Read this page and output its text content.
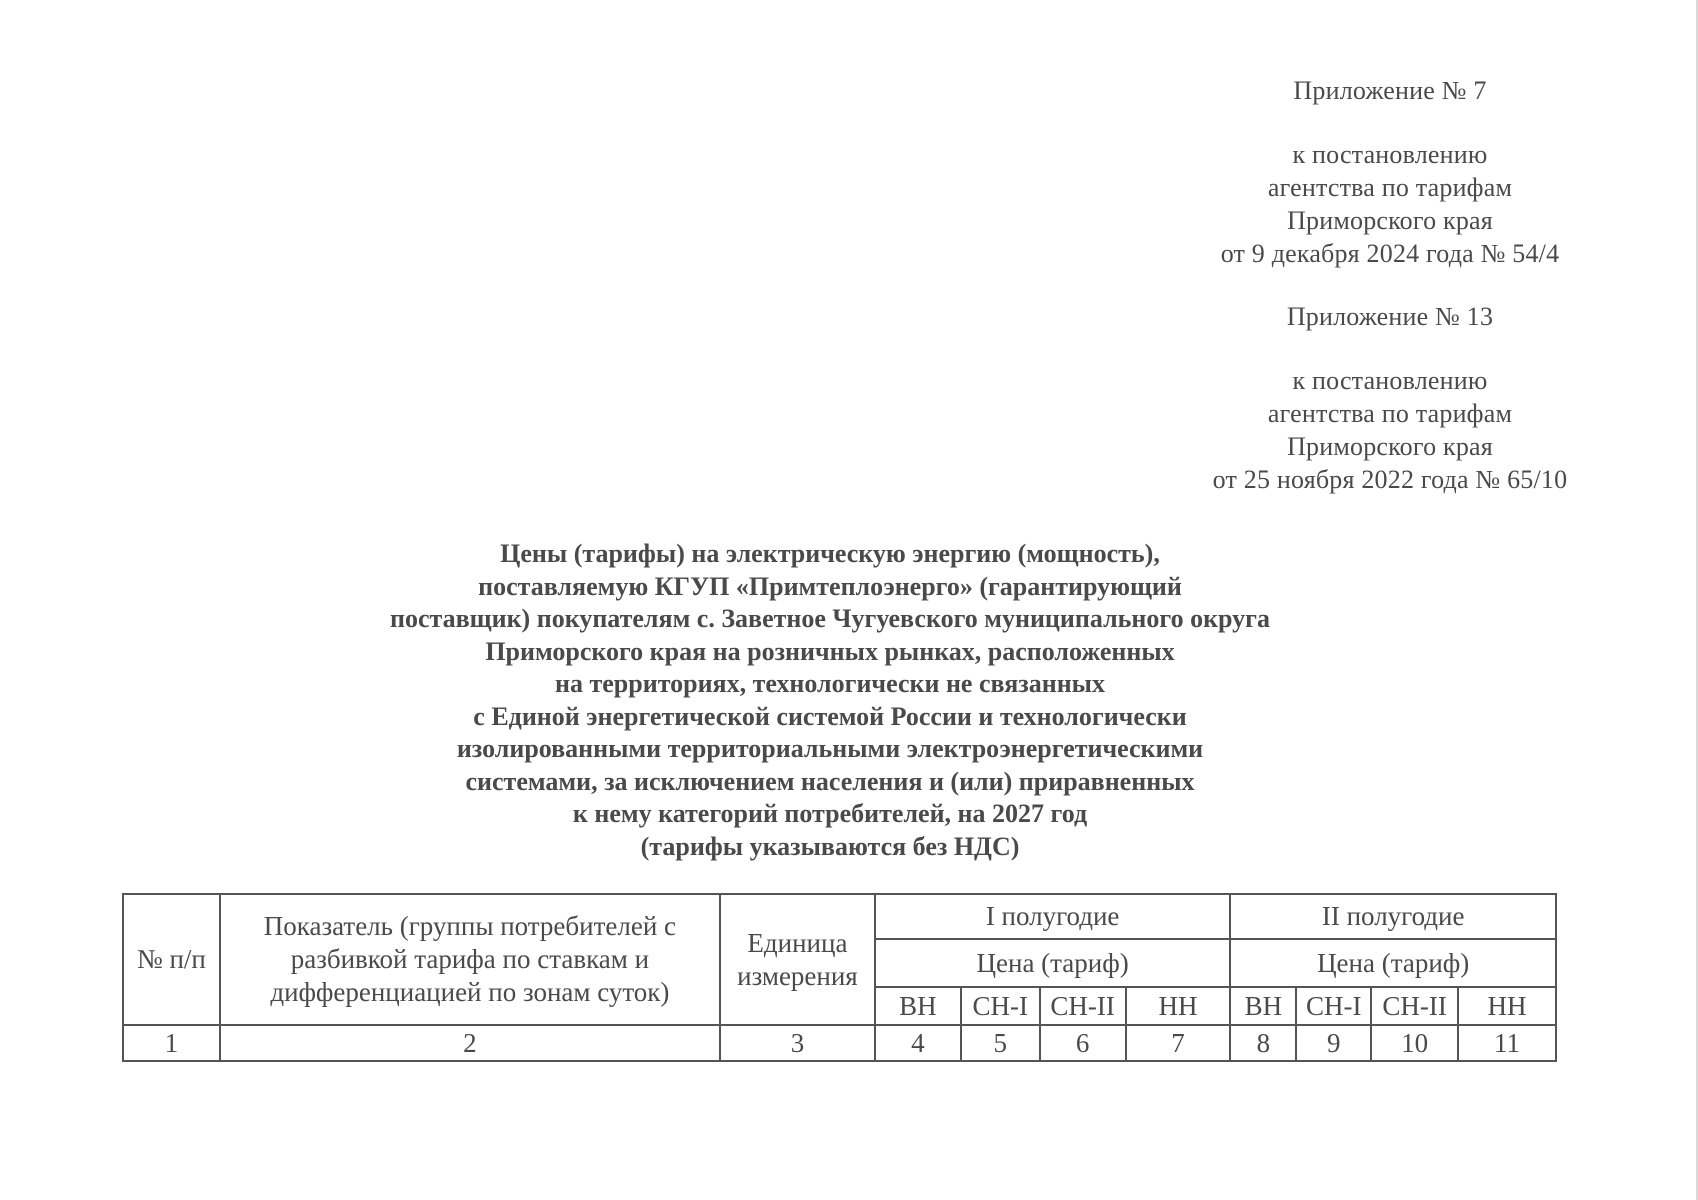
Приложение № 7

к постановлению

агентства по тарифам

Приморского края

от 9 декабря 2024 года № 54/4

Приложение № 13

к постановлению

агентства по тарифам

Приморского края

от 25 ноября 2022 года № 65/10

Цены (тарифы) на электрическую энергию (мощность),

поставляемую КГУП «Примтеплоэнерго» (гарантирующий

поставщик) покупателям с. Заветное Чугуевского муниципального округа

Приморского края на розничных рынках, расположенных

на территориях, технологически не связанных

с Единой энергетической системой России и технологически

изолированными территориальными электроэнергетическими

системами, за исключением населения и (или) приравненных

к нему категорий потребителей, на 2027 год

(тарифы указываются без НДС)

№ п/п	Показатель (группы потребителей с разбивкой тарифа по ставкам и дифференциацией по зонам суток)	Единица измерения	I полугодие				II полугодие			
			Цена (тариф)				Цена (тариф)			
			ВН	СН-I	СН-II	НН	ВН	СН-I	СН-II	НН
1	2	3	4	5	6	7	8	9	10	11
